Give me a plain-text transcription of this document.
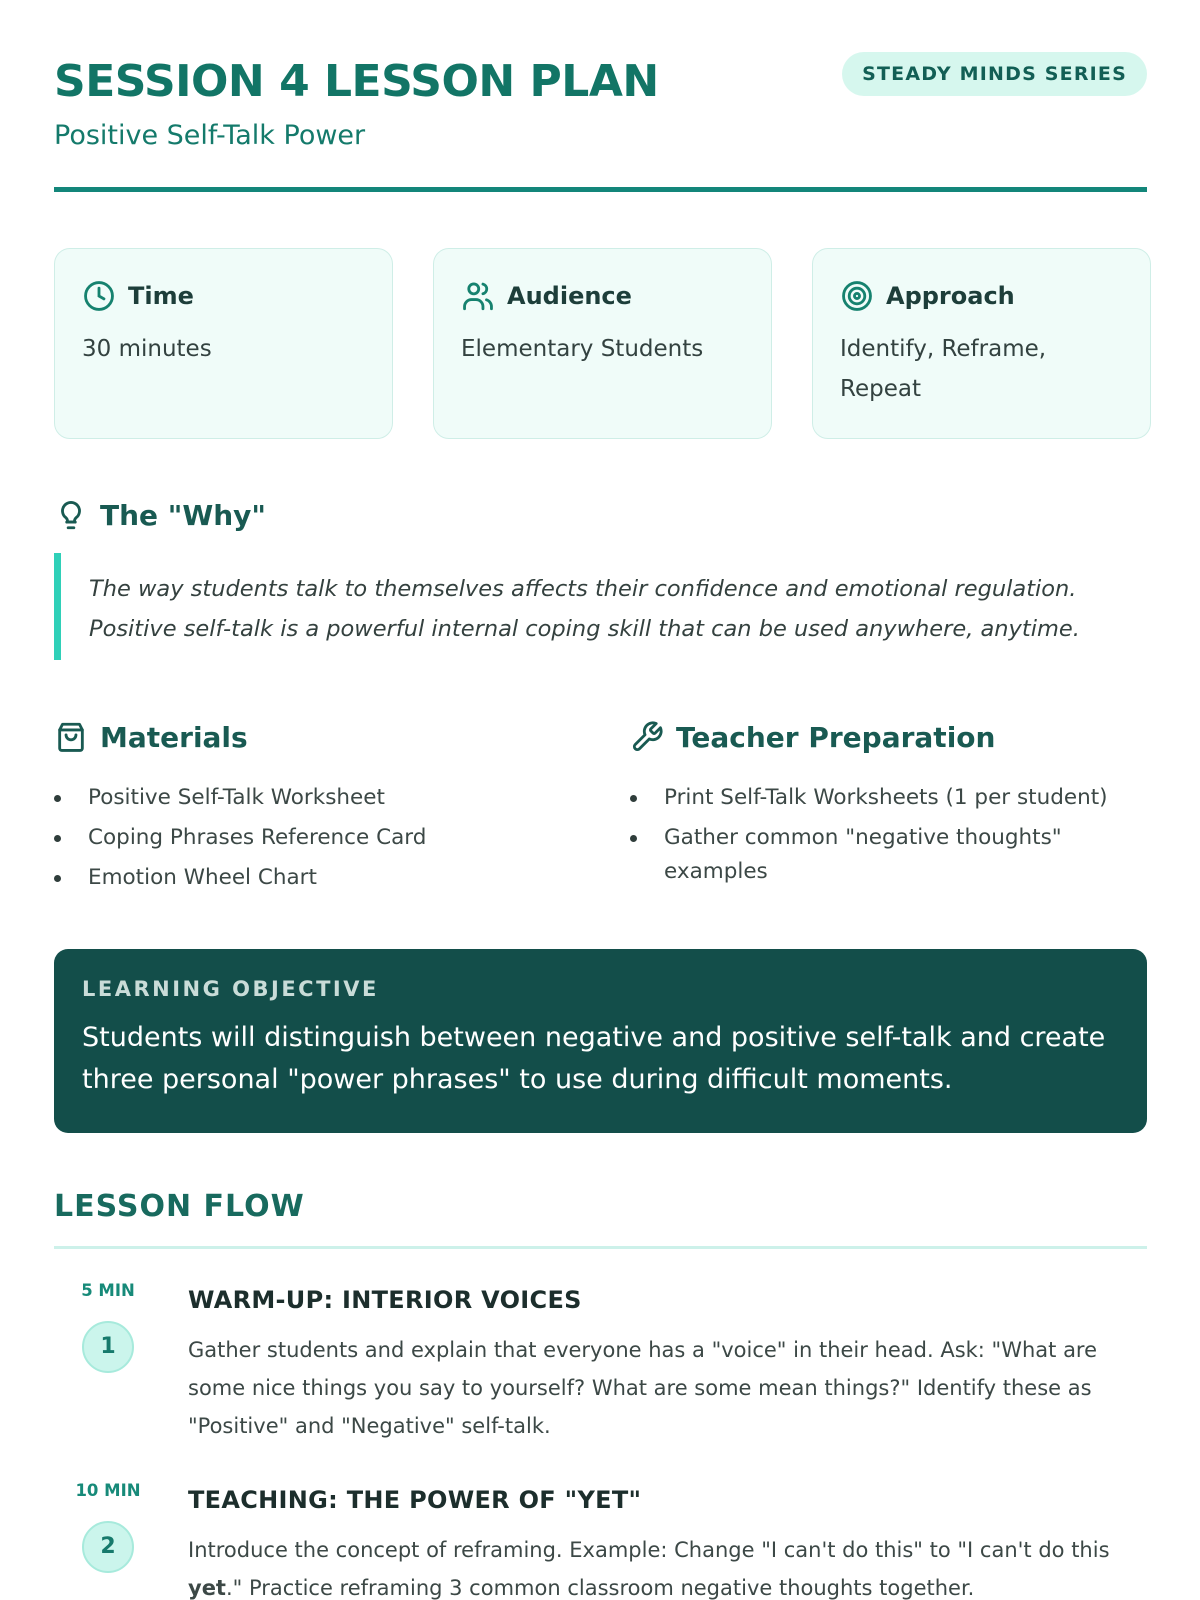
SESSION 4 LESSON PLAN
Positive Self-Talk Power
STEADY MINDS SERIES
Time
30 minutes
Audience
Elementary Students
Approach
Identify, Reframe, Repeat
The "Why"
The way students talk to themselves affects their confidence and emotional regulation. Positive self-talk is a powerful internal coping skill that can be used anywhere, anytime.
Materials
Positive Self-Talk Worksheet
Coping Phrases Reference Card
Emotion Wheel Chart
Teacher Preparation
Print Self-Talk Worksheets (1 per student)
Gather common "negative thoughts" examples
LEARNING OBJECTIVE
Students will distinguish between negative and positive self-talk and create three personal "power phrases" to use during difficult moments.
LESSON FLOW
5 MIN
1
WARM-UP: INTERIOR VOICES
Gather students and explain that everyone has a "voice" in their head. Ask: "What are some nice things you say to yourself? What are some mean things?" Identify these as "Positive" and "Negative" self-talk.
10 MIN
2
TEACHING: THE POWER OF "YET"
Introduce the concept of reframing. Example: Change "I can't do this" to "I can't do this yet." Practice reframing 3 common classroom negative thoughts together.
